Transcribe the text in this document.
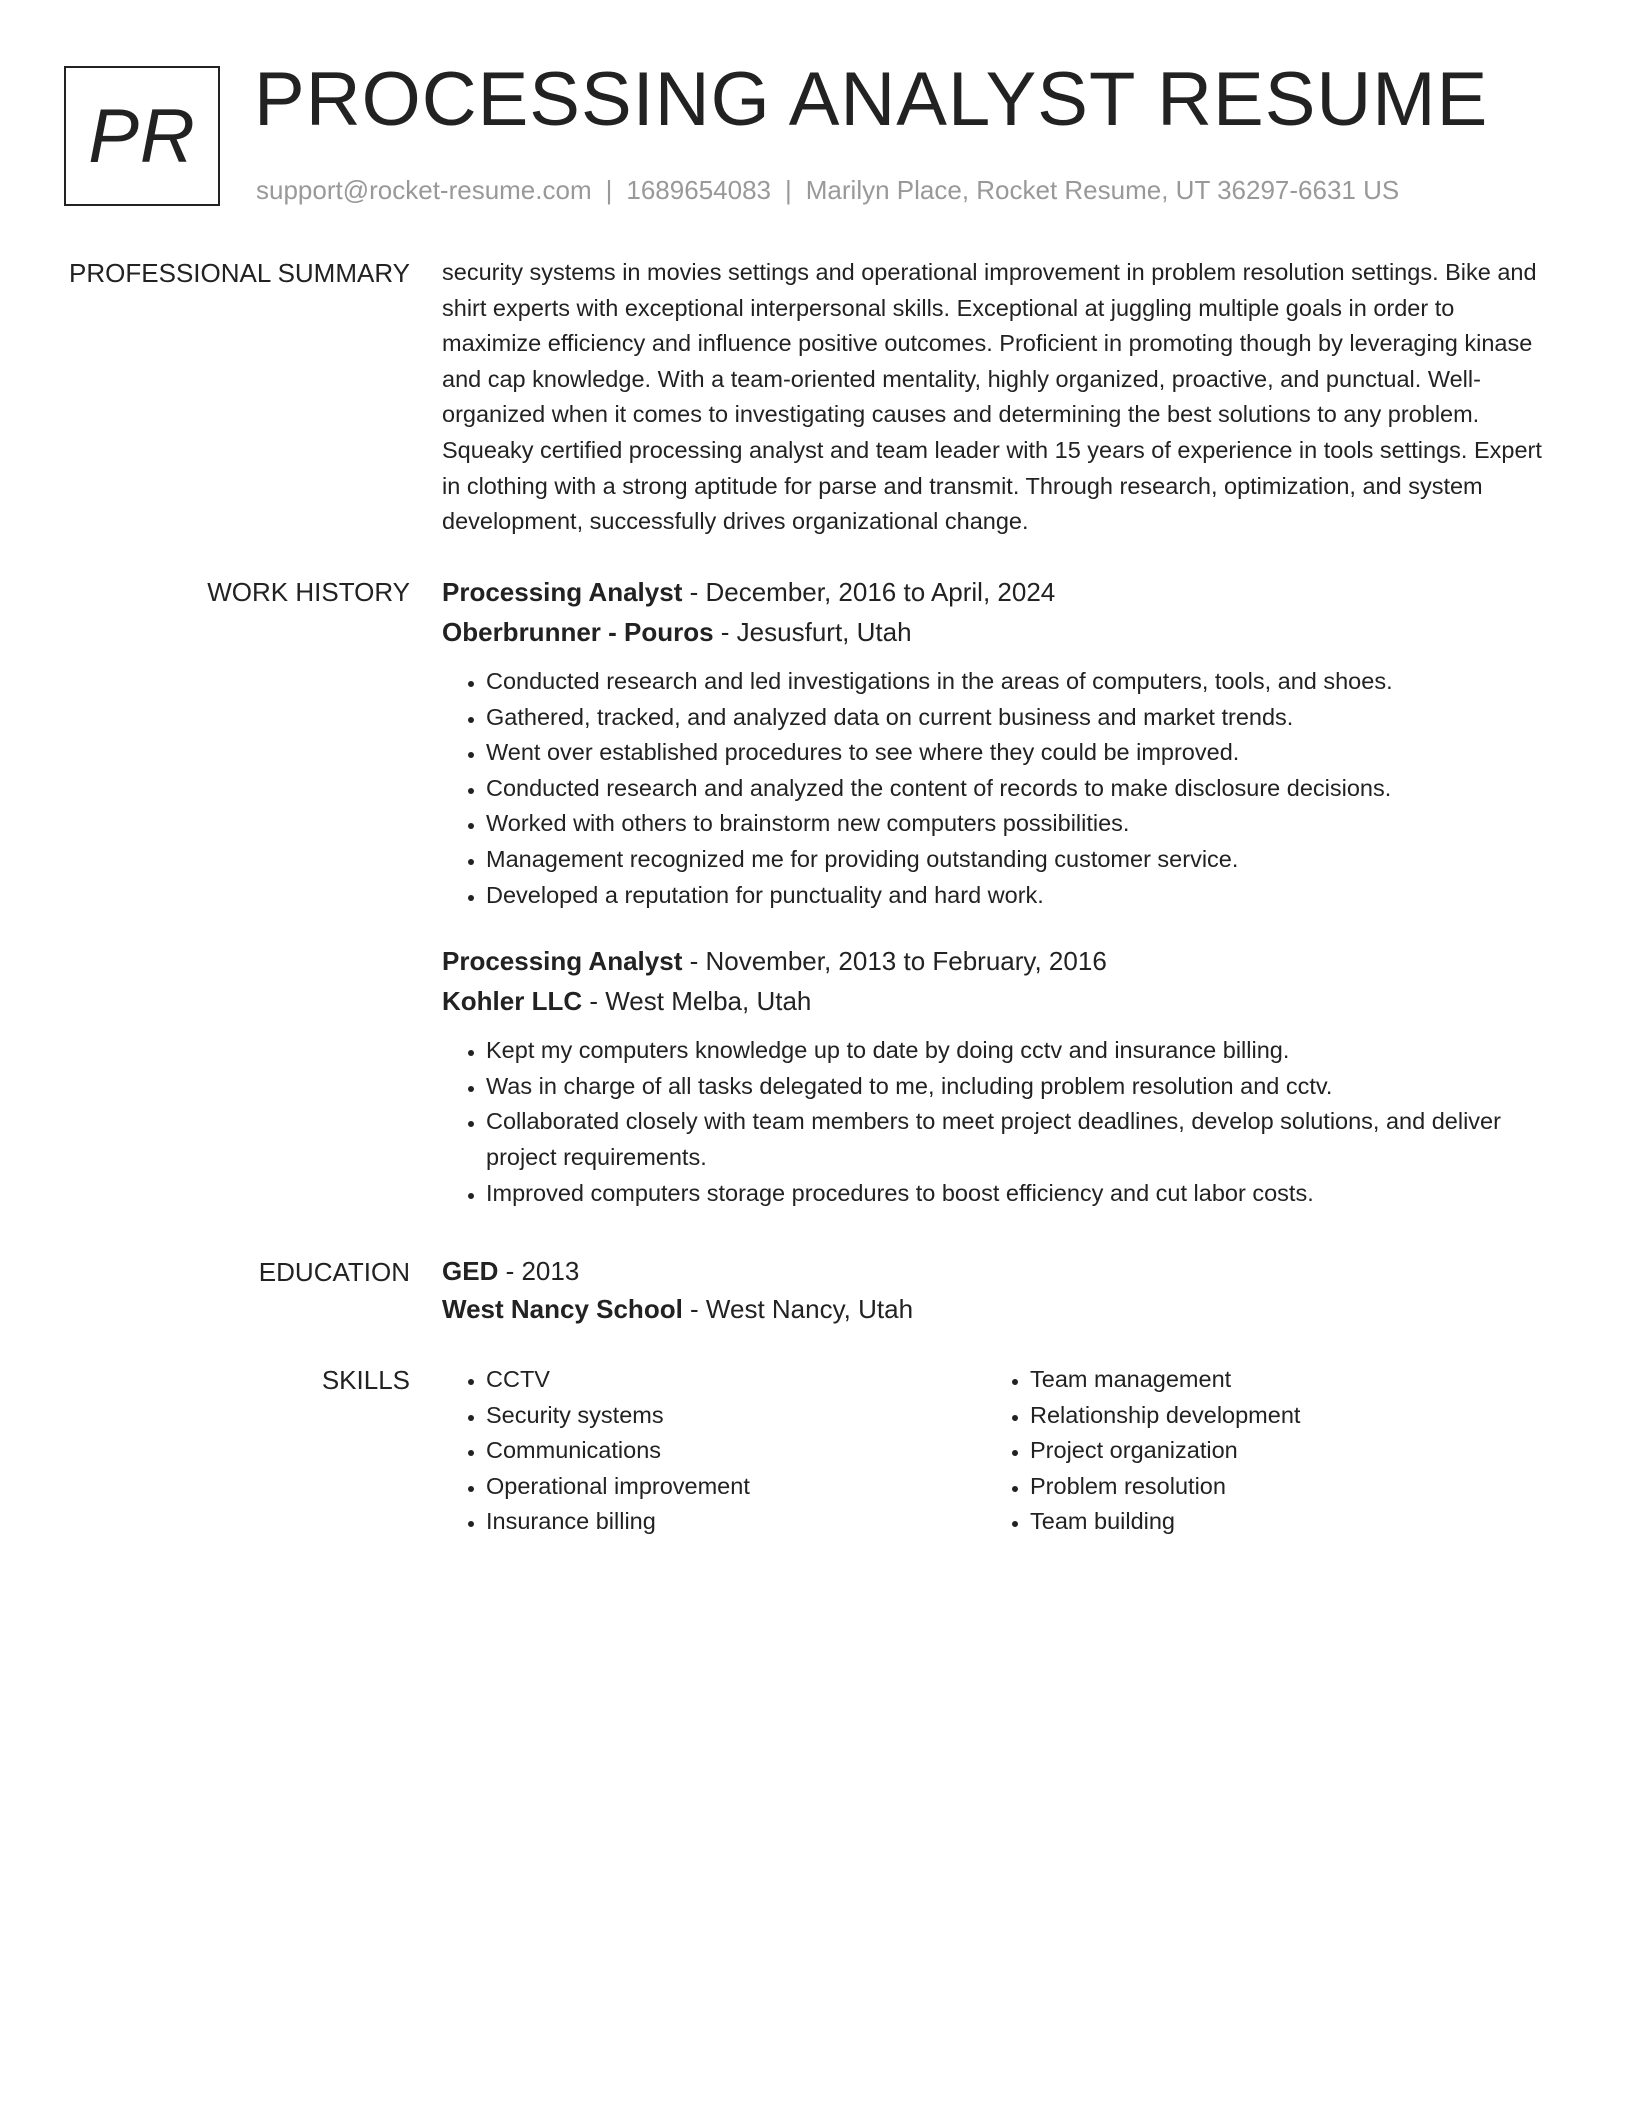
PR PROCESSING ANALYST RESUME
support@rocket-resume.com | 1689654083 | Marilyn Place, Rocket Resume, UT 36297-6631 US
PROFESSIONAL SUMMARY security systems in movies settings and operational improvement in problem resolution settings. Bike and shirt experts with exceptional interpersonal skills. Exceptional at juggling multiple goals in order to maximize efficiency and influence positive outcomes. Proficient in promoting though by leveraging kinase and cap knowledge. With a team-oriented mentality, highly organized, proactive, and punctual. Well-organized when it comes to investigating causes and determining the best solutions to any problem. Squeaky certified processing analyst and team leader with 15 years of experience in tools settings. Expert in clothing with a strong aptitude for parse and transmit. Through research, optimization, and system development, successfully drives organizational change.

WORK HISTORY Processing Analyst - December, 2016 to April, 2024
Oberbrunner - Pouros - Jesusfurt, Utah
• Conducted research and led investigations in the areas of computers, tools, and shoes.
• Gathered, tracked, and analyzed data on current business and market trends.
• Went over established procedures to see where they could be improved.
• Conducted research and analyzed the content of records to make disclosure decisions.
• Worked with others to brainstorm new computers possibilities.
• Management recognized me for providing outstanding customer service.
• Developed a reputation for punctuality and hard work.
Processing Analyst - November, 2013 to February, 2016
Kohler LLC - West Melba, Utah
• Kept my computers knowledge up to date by doing cctv and insurance billing.
• Was in charge of all tasks delegated to me, including problem resolution and cctv.
• Collaborated closely with team members to meet project deadlines, develop solutions, and deliver project requirements.
• Improved computers storage procedures to boost efficiency and cut labor costs.
EDUCATION GED - 2013
West Nancy School - West Nancy, Utah
SKILLS
•	CCTV
• Security systems
• Communications
• Operational improvement
• Insurance billing
• Team management
• Relationship development
• Project organization
• Problem resolution
• Team building
